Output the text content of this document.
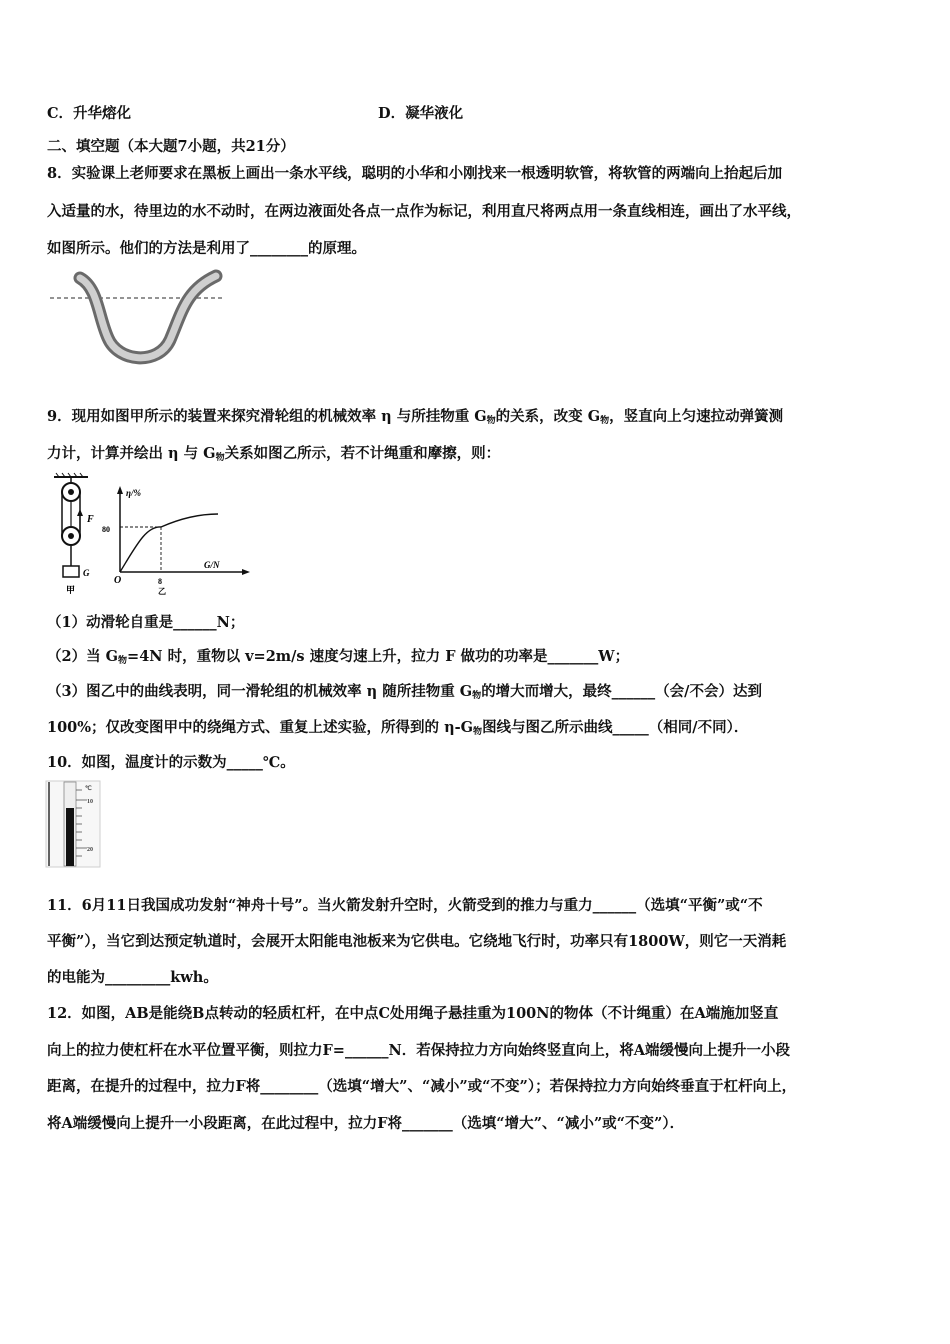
C．升华熔化	D．凝华液化
二、填空题（本大题7小题，共21分）
8．实验课上老师要求在黑板上画出一条水平线，聪明的小华和小刚找来一根透明软管，将软管的两端向上抬起后加
入适量的水，待里边的水不动时，在两边液面处各点一点作为标记，利用直尺将两点用一条直线相连，画出了水平线，
如图所示。他们的方法是利用了________的原理。
9．现用如图甲所示的装置来探究滑轮组的机械效率 η 与所挂物重 $G_物$的关系，改变 $G_物$，竖直向上匀速拉动弹簧测
力计，计算并绘出 η 与 $G_物$关系如图乙所示，若不计绳重和摩擦，则：
F
G
甲
η/%
80
O	8
乙
G/N
（1）动滑轮自重是______N；
（2）当 $G_物=4N$ 时，重物以 v=2m/s 速度匀速上升，拉力 F 做功的功率是_______W；
（3）图乙中的曲线表明，同一滑轮组的机械效率 η 随所挂物重 $G_物$的增大而增大，最终______（会/不会）达到
100%；仅改变图甲中的绕绳方式、重复上述实验，所得到的 $\eta-G_物$图线与图乙所示曲线_____（相同/不同）．
10．如图，温度计的示数为_____℃。
℃
10
20
11．6月11日我国成功发射“神舟十号”。当火箭发射升空时，火箭受到的推力与重力______（选填“平衡”或“不
平衡”），当它到达预定轨道时，会展开太阳能电池板来为它供电。它绕地飞行时，功率只有1800W，则它一天消耗
的电能为_________kwh。
12．如图，AB是能绕B点转动的轻质杠杆，在中点C处用绳子悬挂重为100N的物体（不计绳重）在A端施加竖直
向上的拉力使杠杆在水平位置平衡，则拉力F=______N．若保持拉力方向始终竖直向上，将A端缓慢向上提升一小段
距离，在提升的过程中，拉力F将________（选填“增大”、“减小”或“不变”）；若保持拉力方向始终垂直于杠杆向上，
将A端缓慢向上提升一小段距离，在此过程中，拉力F将_______（选填“增大”、“减小”或“不变”）．
